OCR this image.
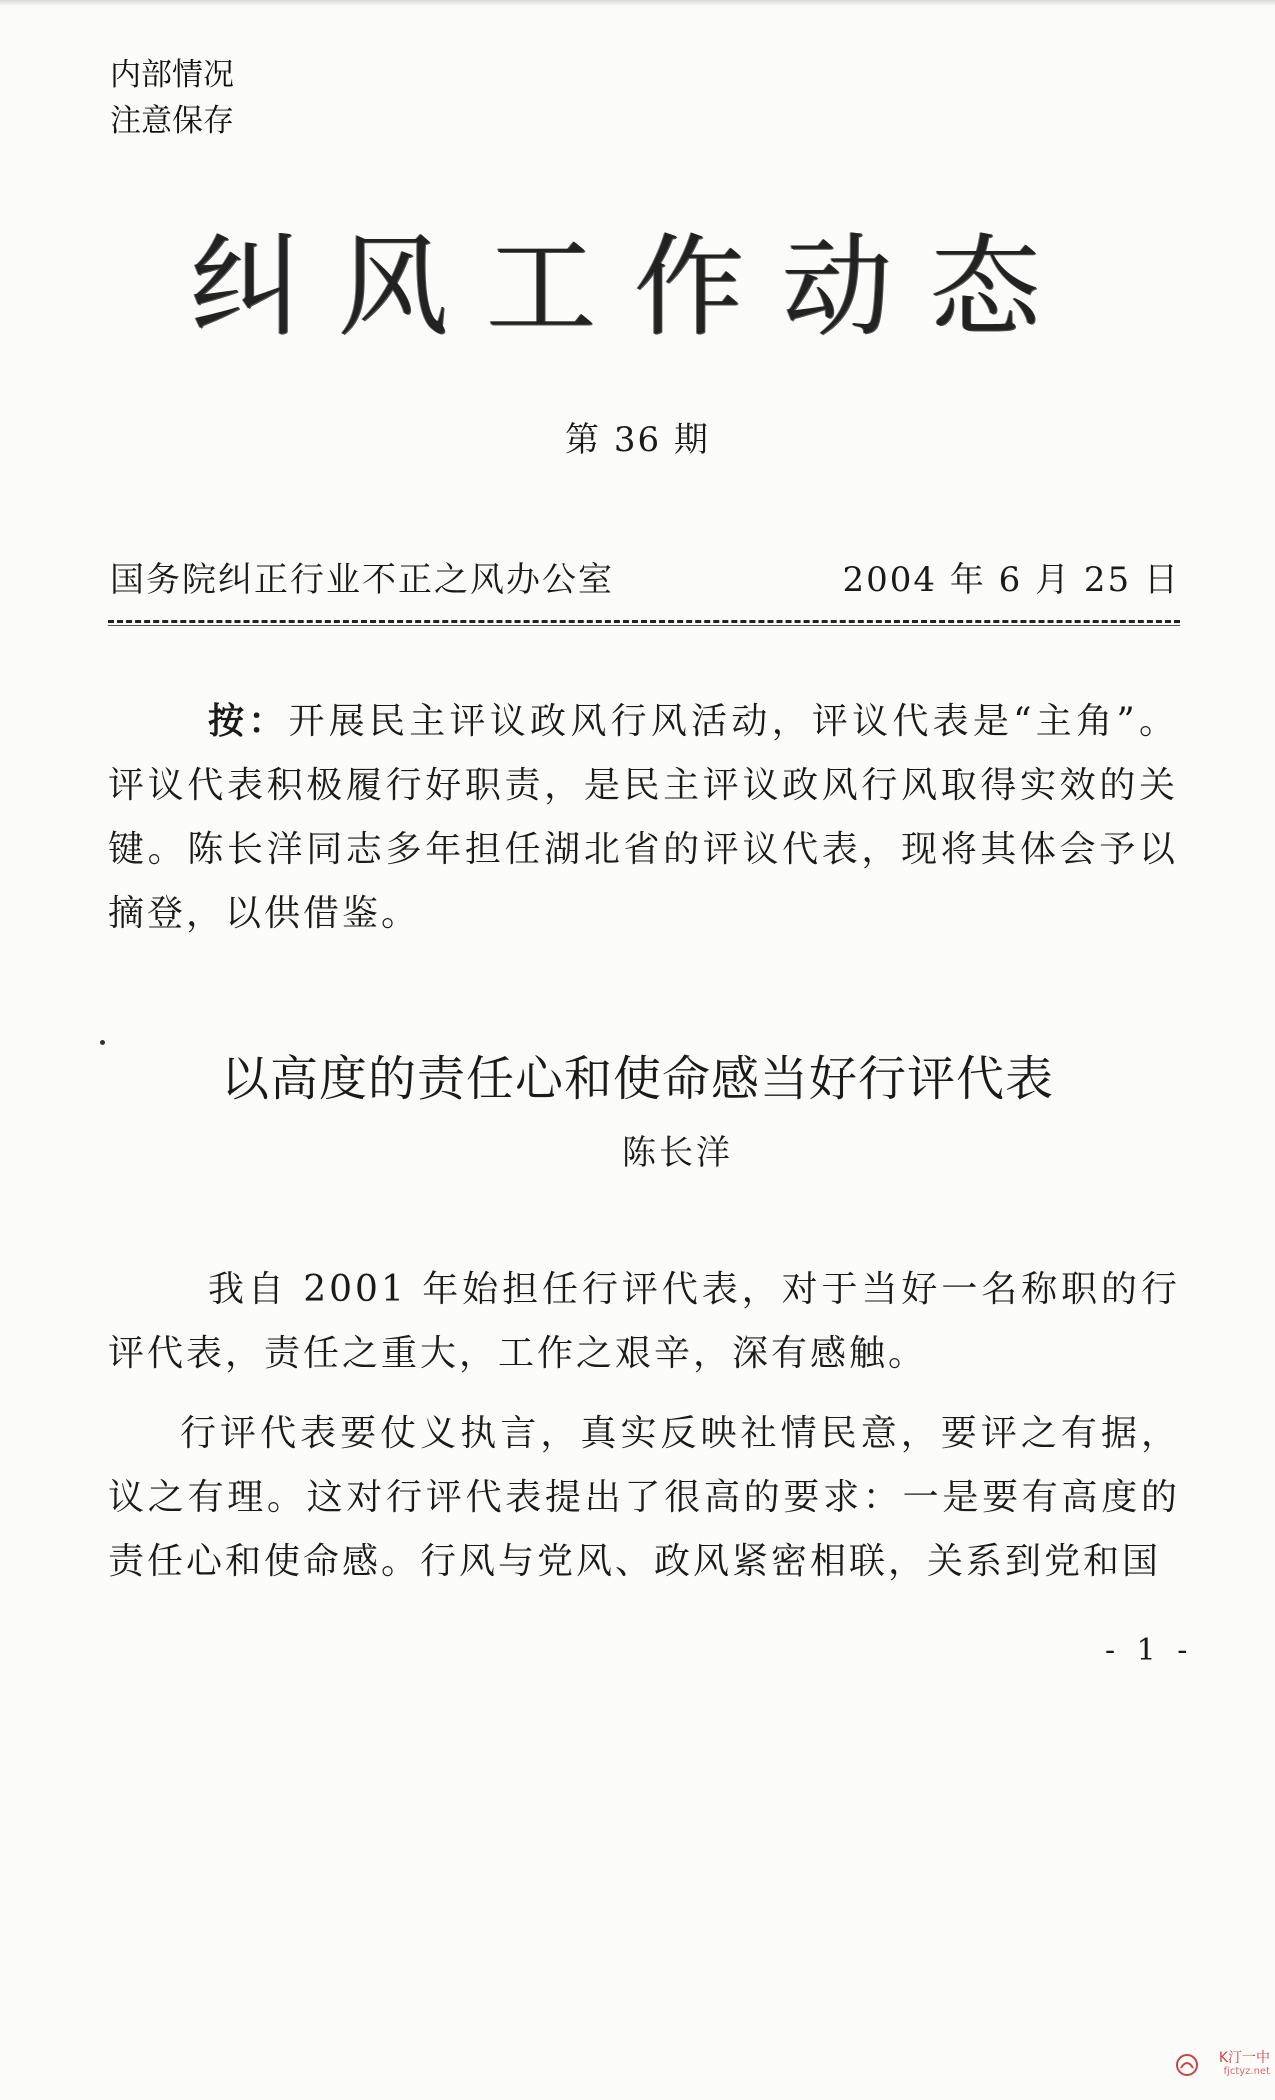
内部情况
注意保存
纠风工作动态
第 36 期
国务院纠正行业不正之风办公室	2004 年 6 月 25 日
按：开展民主评议政风行风活动，评议代表是“主角”。评议代表积极履行好职责，是民主评议政风行风取得实效的关键。陈长洋同志多年担任湖北省的评议代表，现将其体会予以摘登，以供借鉴。
以高度的责任心和使命感当好行评代表
陈长洋

我自 2001 年始担任行评代表，对于当好一名称职的行评代表，责任之重大，工作之艰辛，深有感触。

行评代表要仗义执言，真实反映社情民意，要评之有据，议之有理。这对行评代表提出了很高的要求：一是要有高度的责任心和使命感。行风与党风、政风紧密相联，关系到党和国

- 1 -
K汀一中
fjctyz.net
